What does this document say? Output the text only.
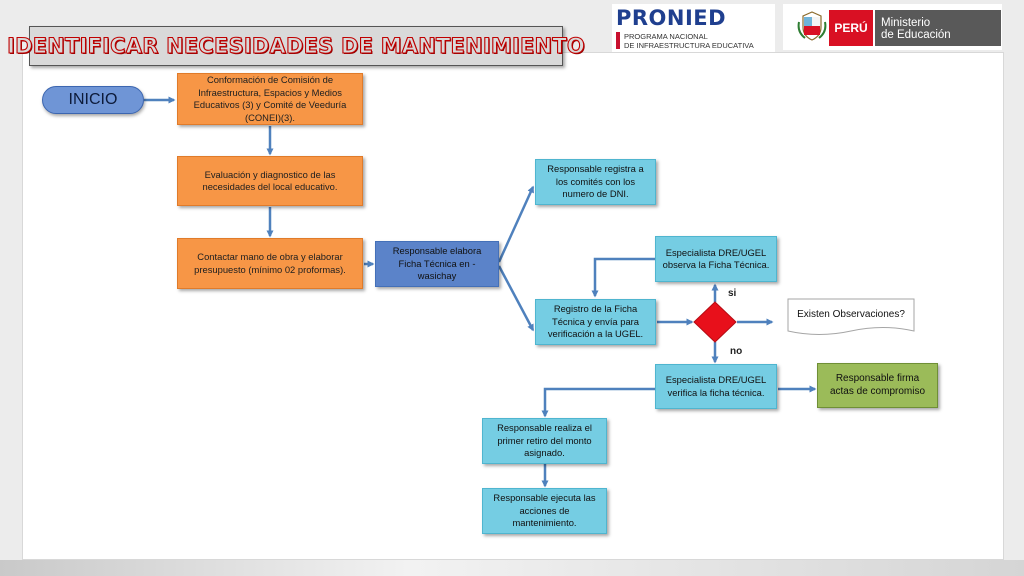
IDENTIFICAR NECESIDADES DE MANTENIMIENTO
PRONIED
PROGRAMA NACIONAL
DE INFRAESTRUCTURA EDUCATIVA
PERÚ Ministerio
de Educación
INICIO
Conformación de Comisión de Infraestructura, Espacios y Medios Educativos (3) y Comité de Veeduría (CONEI)(3).
Evaluación y diagnostico de las necesidades del local educativo.
Contactar mano de obra y elaborar presupuesto (mínimo 02 proformas).
Responsable elabora Ficha Técnica en - wasichay
Responsable registra a los comités con los numero de DNI.
Registro de la Ficha Técnica y envía para verificación a la UGEL.
Especialista DRE/UGEL observa la Ficha Técnica.
Especialista DRE/UGEL verifica la ficha técnica.
Responsable firma actas de compromiso
Responsable realiza el primer retiro del monto asignado.
Responsable ejecuta las acciones de mantenimiento.
Existen Observaciones?
si
no
